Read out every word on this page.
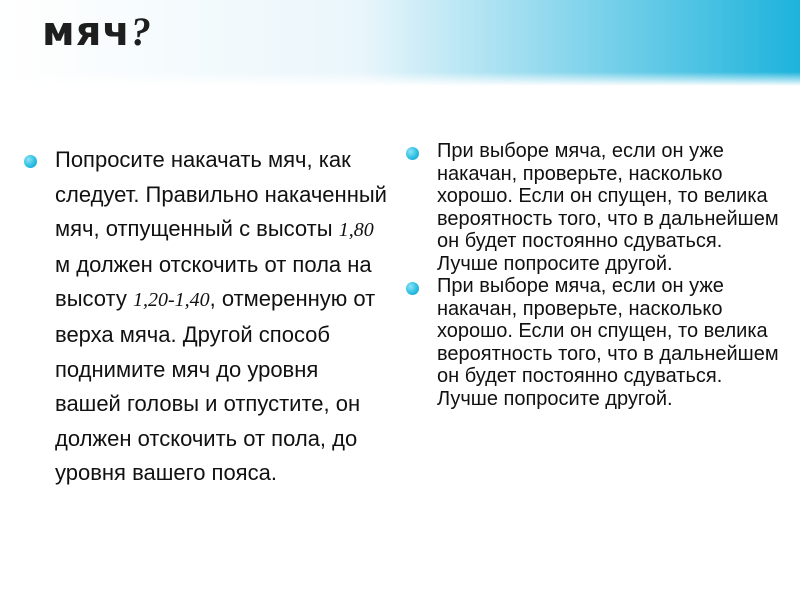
мяч?
Попросите накачать мяч, как следует. Правильно накаченный мяч, отпущенный с высоты 1,80 м должен отскочить от пола на высоту 1,20-1,40, отмеренную от верха мяча. Другой способ поднимите мяч до уровня вашей головы и отпустите, он должен отскочить от пола, до уровня вашего пояса.
При выборе мяча, если он уже накачан, проверьте, насколько хорошо. Если он спущен, то велика вероятность того, что в дальнейшем он будет постоянно сдуваться. Лучше попросите другой.
При выборе мяча, если он уже накачан, проверьте, насколько хорошо. Если он спущен, то велика вероятность того, что в дальнейшем он будет постоянно сдуваться. Лучше попросите другой.
